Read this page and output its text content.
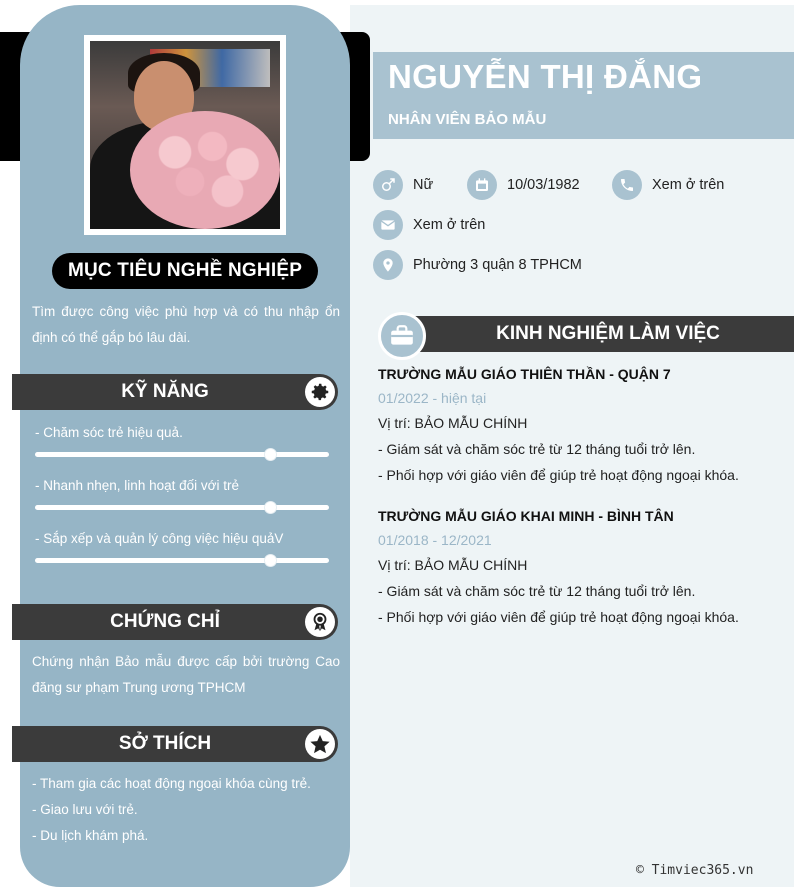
MỤC TIÊU NGHỀ NGHIỆP
Tìm được công việc phù hợp và có thu nhập ổn định có thể gắp bó lâu dài.
KỸ NĂNG
- Chăm sóc trẻ hiệu quả.
- Nhanh nhẹn, linh hoạt đối với trẻ
- Sắp xếp và quản lý công việc hiệu quảV
CHỨNG CHỈ
Chứng nhận Bảo mẫu được cấp bởi trường Cao đăng sư phạm Trung ương TPHCM
SỞ THÍCH
- Tham gia các hoạt động ngoại khóa cùng trẻ.
- Giao lưu với trẻ.
- Du lịch khám phá.
NGUYỄN THỊ ĐẮNG
NHÂN VIÊN BẢO MẪU
Nữ	10/03/1982	Xem ở trên
Xem ở trên
Phường 3 quận 8 TPHCM
KINH NGHIỆM LÀM VIỆC
TRƯỜNG MẪU GIÁO THIÊN THẦN - QUẬN 7
01/2022 - hiện tại
Vị trí: BẢO MẪU CHÍNH
- Giám sát và chăm sóc trẻ từ 12 tháng tuổi trở lên.
- Phối hợp với giáo viên để giúp trẻ hoạt động ngoại khóa.
TRƯỜNG MẪU GIÁO KHAI MINH - BÌNH TÂN
01/2018 - 12/2021
Vị trí: BẢO MẪU CHÍNH
- Giám sát và chăm sóc trẻ từ 12 tháng tuổi trở lên.
- Phối hợp với giáo viên để giúp trẻ hoạt động ngoại khóa.
© Timviec365.vn
